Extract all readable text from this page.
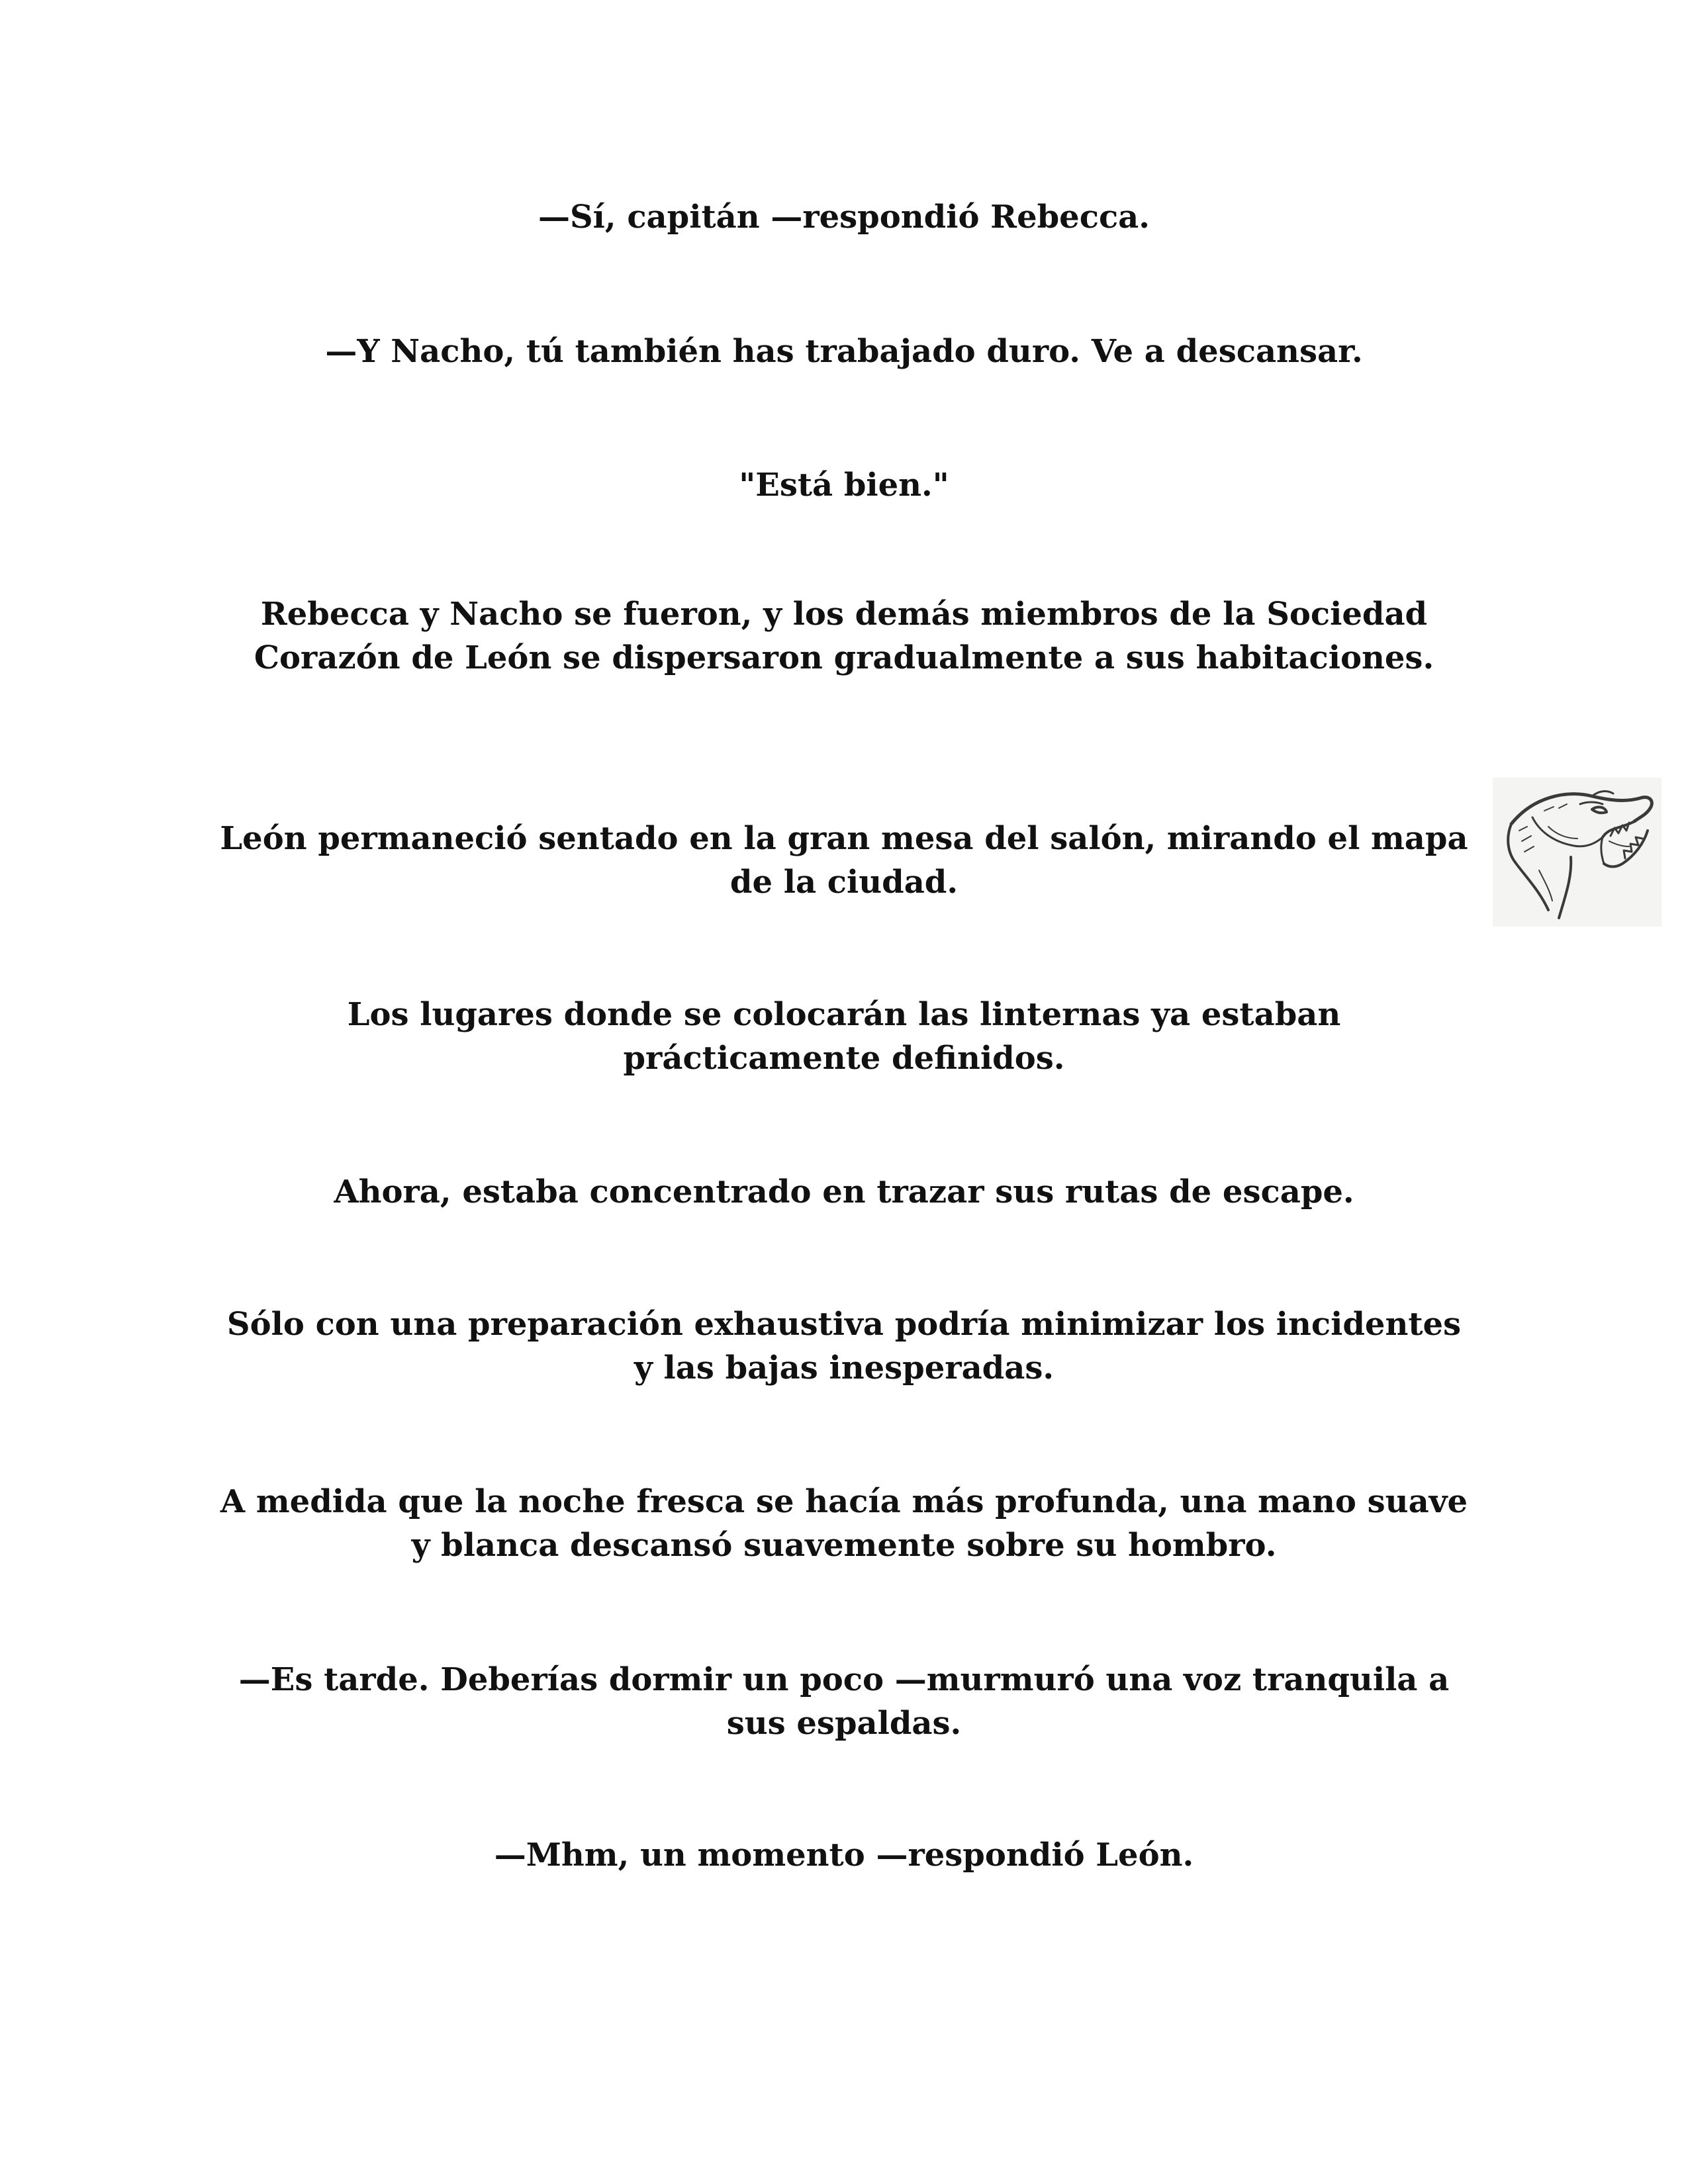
—Sí, capitán —respondió Rebecca.

—Y Nacho, tú también has trabajado duro. Ve a descansar.

"Está bien."

Rebecca y Nacho se fueron, y los demás miembros de la Sociedad Corazón de León se dispersaron gradualmente a sus habitaciones.

León permaneció sentado en la gran mesa del salón, mirando el mapa de la ciudad.

Los lugares donde se colocarán las linternas ya estaban prácticamente definidos.

Ahora, estaba concentrado en trazar sus rutas de escape.

Sólo con una preparación exhaustiva podría minimizar los incidentes y las bajas inesperadas.

A medida que la noche fresca se hacía más profunda, una mano suave y blanca descansó suavemente sobre su hombro.

—Es tarde. Deberías dormir un poco —murmuró una voz tranquila a sus espaldas.

—Mhm, un momento —respondió León.
